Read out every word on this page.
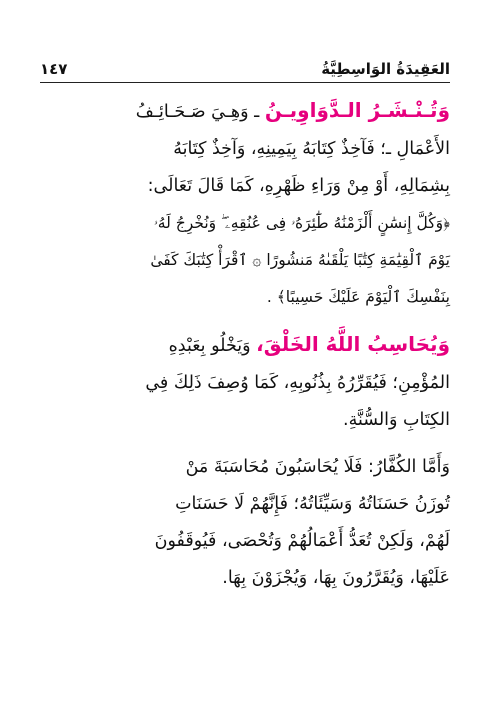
١٤٧	العَقِيدَةُ الوَاسِطِيَّةُ
وَتُـنْـشَـرُ الـدَّوَاوِيـنُ ـ وَهِـيَ صَـحَـائِـفُ
الأَعْمَالِ ـ؛ فَآخِذٌ كِتَابَهُ بِيَمِينِهِ، وَآخِذٌ كِتَابَهُ
بِشِمَالِهِ، أَوْ مِنْ وَرَاءِ ظَهْرِهِ، كَمَا قَالَ تَعَالَى:
﴿وَكُلَّ إِنسَٰنٍ أَلْزَمْنَٰهُ طَٰٓئِرَهُۥ فِى عُنُقِهِۦ ۖ وَنُخْرِجُ لَهُۥ
يَوْمَ ٱلْقِيَٰمَةِ كِتَٰبًا يَلْقَىٰهُ مَنشُورًا ۞ ٱقْرَأْ كِتَٰبَكَ كَفَىٰ
بِنَفْسِكَ ٱلْيَوْمَ عَلَيْكَ حَسِيبًا﴾ .
وَيُحَاسِبُ اللَّهُ الخَلْقَ، وَيَخْلُو بِعَبْدِهِ
المُؤْمِنِ؛ فَيُقَرِّرُهُ بِذُنُوبِهِ، كَمَا وُصِفَ ذَلِكَ فِي
الكِتَابِ وَالسُّنَّةِ.
وَأَمَّا الكُفَّارُ: فَلَا يُحَاسَبُونَ مُحَاسَبَةَ مَنْ
تُوزَنُ حَسَنَاتُهُ وَسَيِّئَاتُهُ؛ فَإِنَّهُمْ لَا حَسَنَاتِ
لَهُمْ، وَلَكِنْ تُعَدُّ أَعْمَالُهُمْ وَتُحْصَى، فَيُوقَفُونَ
عَلَيْهَا، وَيُقَرَّرُونَ بِهَا، وَيُجْزَوْنَ بِهَا.
